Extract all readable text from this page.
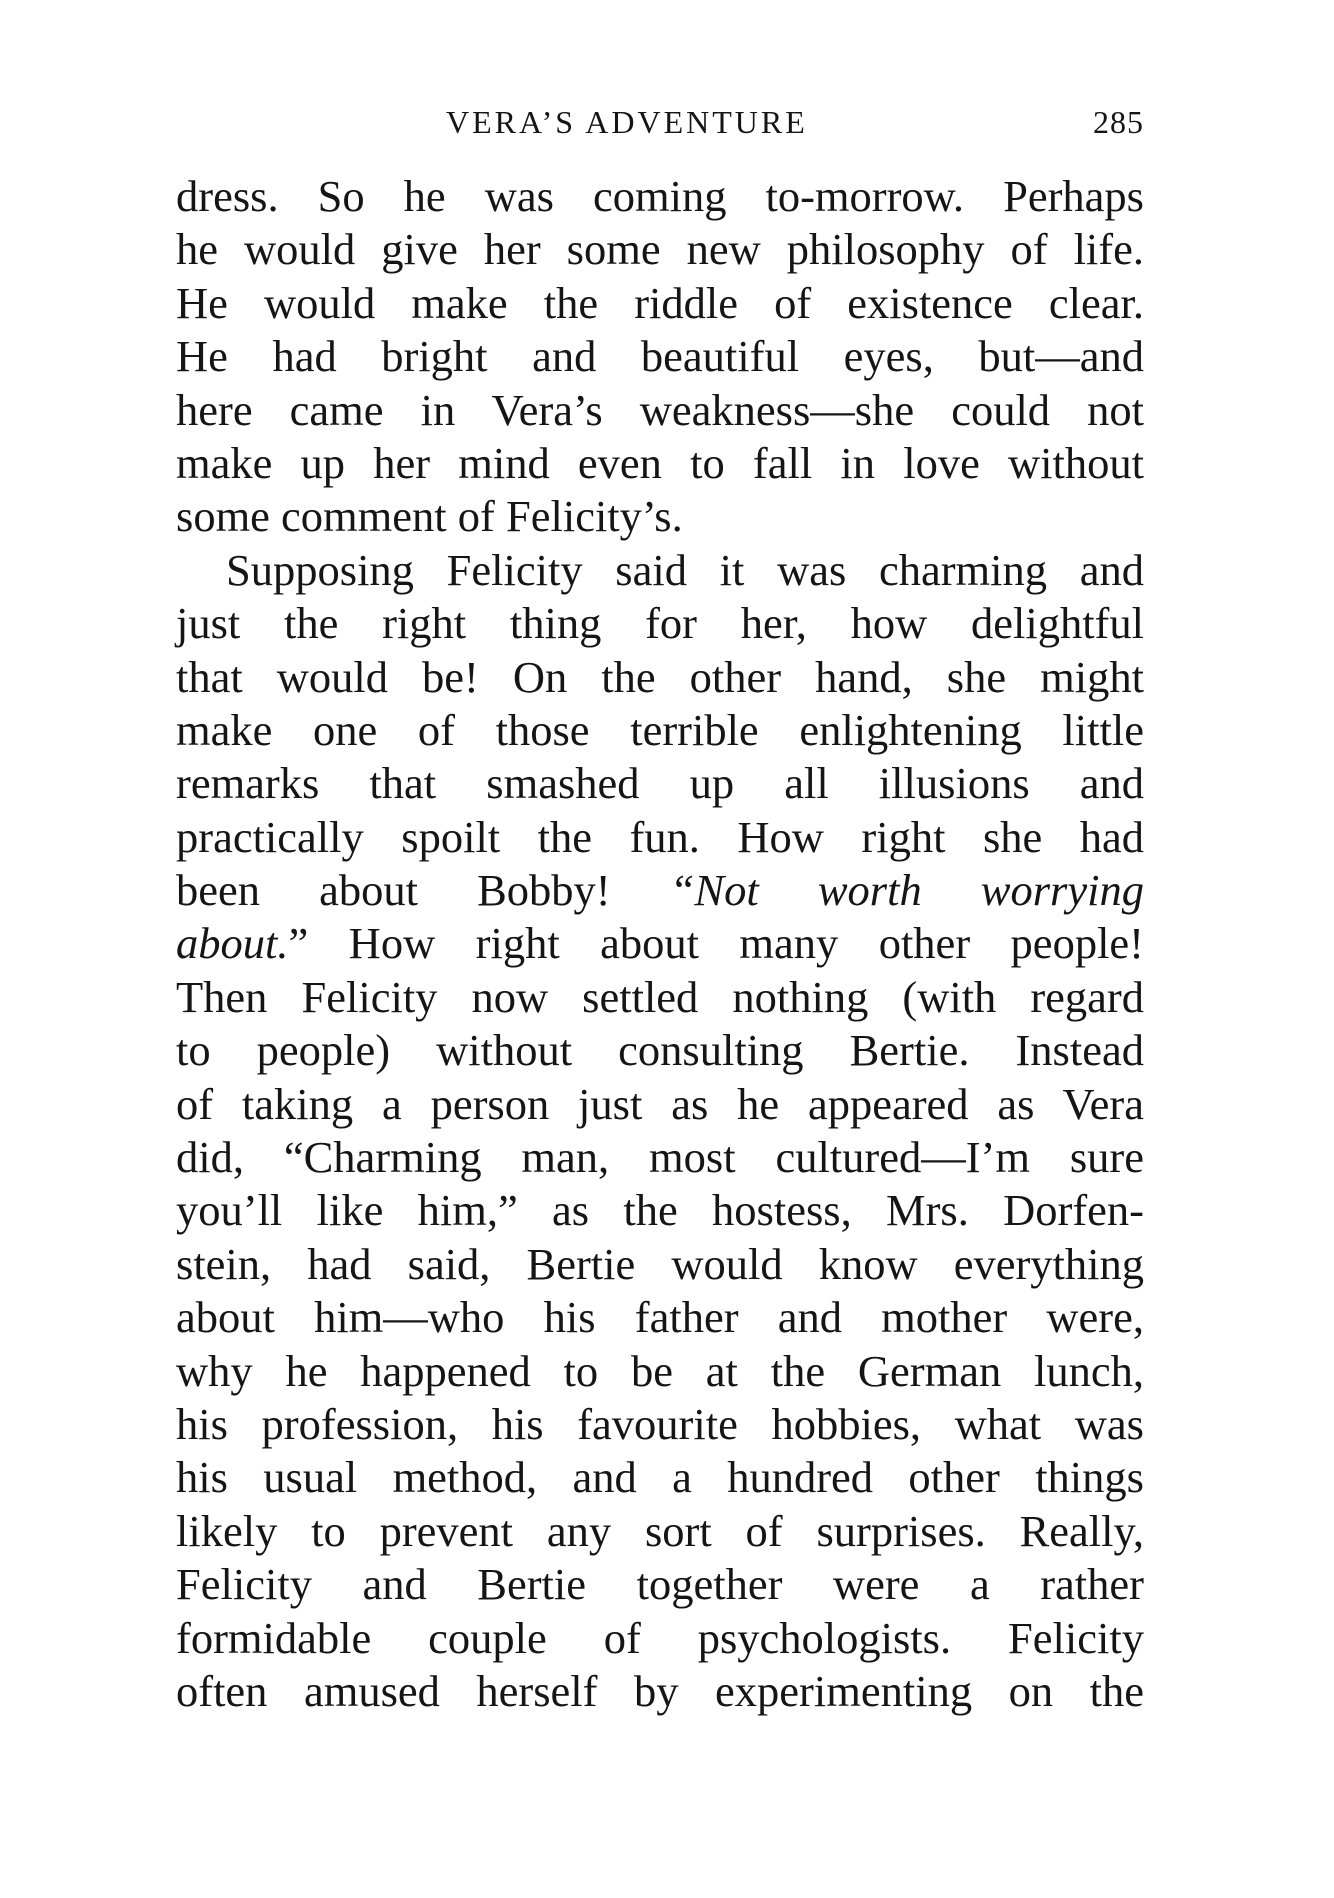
VERA’S ADVENTURE	285
dress. So he was coming to-morrow. Perhaps
he would give her some new philosophy of life.
He would make the riddle of existence clear.
He had bright and beautiful eyes, but—and
here came in Vera’s weakness—she could not
make up her mind even to fall in love without
some comment of Felicity’s.
Supposing Felicity said it was charming and
just the right thing for her, how delightful
that would be! On the other hand, she might
make one of those terrible enlightening little
remarks that smashed up all illusions and
practically spoilt the fun. How right she had
been about Bobby! “Not worth worrying
about.” How right about many other people!
Then Felicity now settled nothing (with regard
to people) without consulting Bertie. Instead
of taking a person just as he appeared as Vera
did, “Charming man, most cultured—I’m sure
you’ll like him,” as the hostess, Mrs. Dorfen-
stein, had said, Bertie would know everything
about him—who his father and mother were,
why he happened to be at the German lunch,
his profession, his favourite hobbies, what was
his usual method, and a hundred other things
likely to prevent any sort of surprises. Really,
Felicity and Bertie together were a rather
formidable couple of psychologists. Felicity
often amused herself by experimenting on the
